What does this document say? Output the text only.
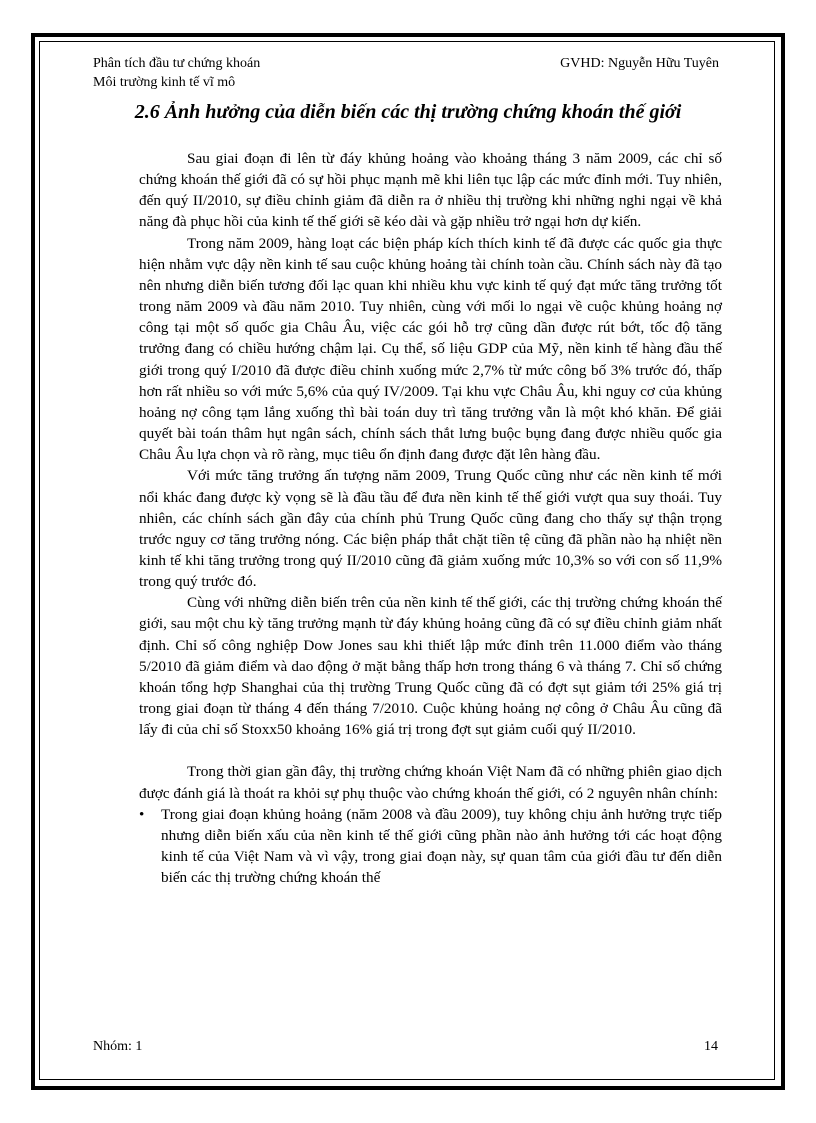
Phân tích đầu tư chứng khoán
Môi trường kinh tế vĩ mô
GVHD: Nguyễn Hữu Tuyên
2.6 Ảnh hưởng của diễn biến các thị trường chứng khoán thế giới

Sau giai đoạn đi lên từ đáy khủng hoảng vào khoảng tháng 3 năm 2009, các chỉ số chứng khoán thế giới đã có sự hồi phục mạnh mẽ khi liên tục lập các mức đỉnh mới. Tuy nhiên, đến quý II/2010, sự điều chỉnh giảm đã diễn ra ở nhiều thị trường khi những nghi ngại về khả năng đà phục hồi của kinh tế thế giới sẽ kéo dài và gặp nhiều trở ngại hơn dự kiến.

Trong năm 2009, hàng loạt các biện pháp kích thích kinh tế đã được các quốc gia thực hiện nhằm vực dậy nền kinh tế sau cuộc khủng hoảng tài chính toàn cầu. Chính sách này đã tạo nên nhưng diễn biến tương đối lạc quan khi nhiều khu vực kinh tế quý đạt mức tăng trưởng tốt trong năm 2009 và đầu năm 2010. Tuy nhiên, cùng với mối lo ngại về cuộc khủng hoảng nợ công tại một số quốc gia Châu Âu, việc các gói hỗ trợ cũng dần được rút bớt, tốc độ tăng trưởng đang có chiều hướng chậm lại. Cụ thể, số liệu GDP của Mỹ, nền kinh tế hàng đầu thế giới trong quý I/2010 đã được điều chỉnh xuống mức 2,7% từ mức công bố 3% trước đó, thấp hơn rất nhiều so với mức 5,6% của quý IV/2009. Tại khu vực Châu Âu, khi nguy cơ của khủng hoảng nợ công tạm lắng xuống thì bài toán duy trì tăng trưởng vẫn là một khó khăn. Để giải quyết bài toán thâm hụt ngân sách, chính sách thắt lưng buộc bụng đang được nhiều quốc gia Châu Âu lựa chọn và rõ ràng, mục tiêu ổn định đang được đặt lên hàng đầu.

Với mức tăng trưởng ấn tượng năm 2009, Trung Quốc cũng như các nền kinh tế mới nổi khác đang được kỳ vọng sẽ là đầu tầu để đưa nền kinh tế thế giới vượt qua suy thoái. Tuy nhiên, các chính sách gần đây của chính phủ Trung Quốc cũng đang cho thấy sự thận trọng trước nguy cơ tăng trưởng nóng. Các biện pháp thắt chặt tiền tệ cũng đã phần nào hạ nhiệt nền kinh tế khi tăng trưởng trong quý II/2010 cũng đã giảm xuống mức 10,3% so với con số 11,9% trong quý trước đó.

Cùng với những diễn biến trên của nền kinh tế thế giới, các thị trường chứng khoán thế giới, sau một chu kỳ tăng trưởng mạnh từ đáy khủng hoảng cũng đã có sự điều chỉnh giảm nhất định. Chỉ số công nghiệp Dow Jones sau khi thiết lập mức đỉnh trên 11.000 điểm vào tháng 5/2010 đã giảm điểm và dao động ở mặt bằng thấp hơn trong tháng 6 và tháng 7. Chỉ số chứng khoán tổng hợp Shanghai của thị trường Trung Quốc cũng đã có đợt sụt giảm tới 25% giá trị trong giai đoạn từ tháng 4 đến tháng 7/2010. Cuộc khủng hoảng nợ công ở Châu Âu cũng đã lấy đi của chỉ số Stoxx50 khoảng 16% giá trị trong đợt sụt giảm cuối quý II/2010.

Trong thời gian gần đây, thị trường chứng khoán Việt Nam đã có những phiên giao dịch được đánh giá là thoát ra khỏi sự phụ thuộc vào chứng khoán thế giới, có 2 nguyên nhân chính:

•	Trong giai đoạn khủng hoảng (năm 2008 và đầu 2009), tuy không chịu ảnh hưởng trực tiếp nhưng diễn biến xấu của nền kinh tế thế giới cũng phần nào ảnh hưởng tới các hoạt động kinh tế của Việt Nam và vì vậy, trong giai đoạn này, sự quan tâm của giới đầu tư đến diễn biến các thị trường chứng khoán thế
Nhóm: 1	14
